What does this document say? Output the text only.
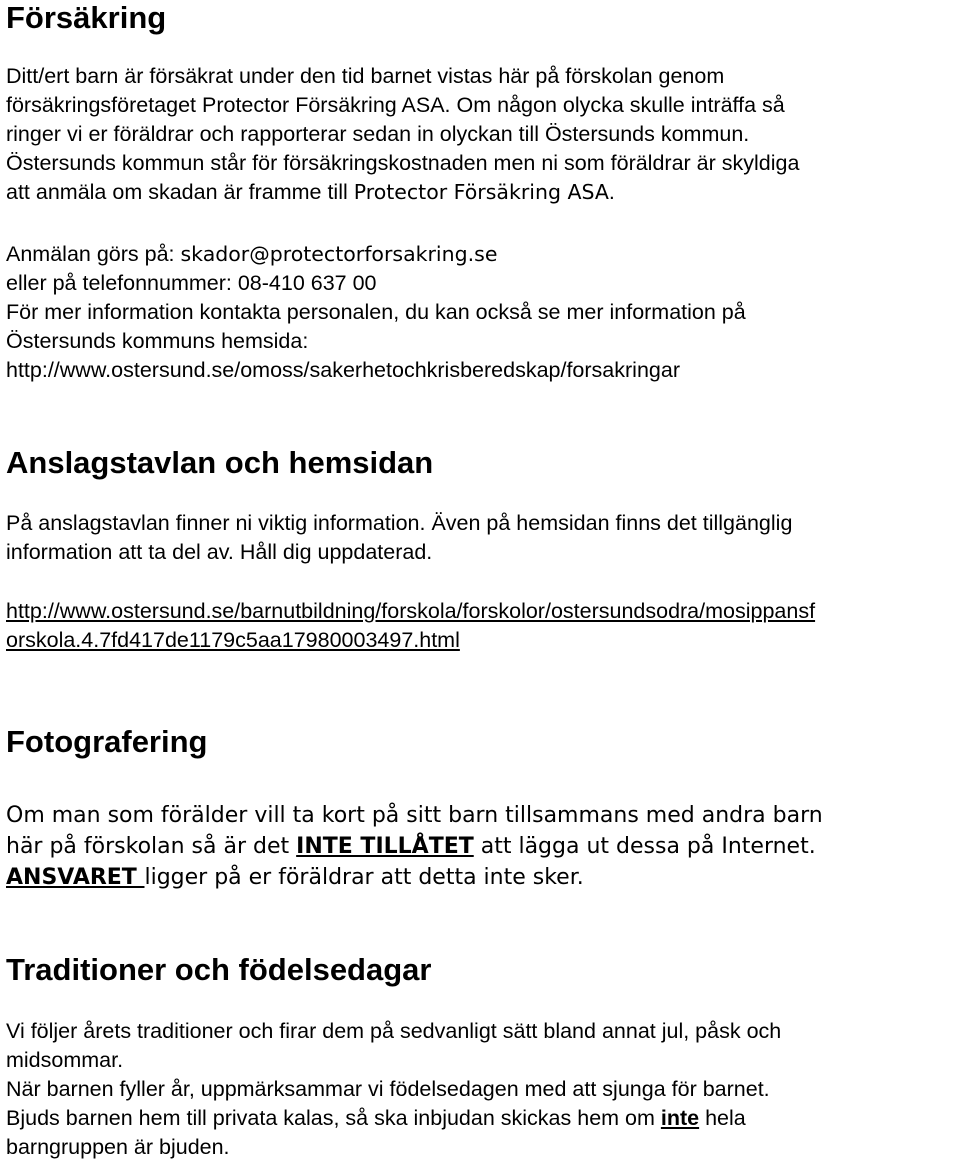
Försäkring
Ditt/ert barn är försäkrat under den tid barnet vistas här på förskolan genom
försäkringsföretaget Protector Försäkring ASA. Om någon olycka skulle inträffa så
ringer vi er föräldrar och rapporterar sedan in olyckan till Östersunds kommun.
Östersunds kommun står för försäkringskostnaden men ni som föräldrar är skyldiga
att anmäla om skadan är framme till Protector Försäkring ASA.
Anmälan görs på: skador@protectorforsakring.se
eller på telefonnummer: 08-410 637 00
För mer information kontakta personalen, du kan också se mer information på
Östersunds kommuns hemsida:
http://www.ostersund.se/omoss/sakerhetochkrisberedskap/forsakringar
Anslagstavlan och hemsidan
På anslagstavlan finner ni viktig information. Även på hemsidan finns det tillgänglig
information att ta del av. Håll dig uppdaterad.
http://www.ostersund.se/barnutbildning/forskola/forskolor/ostersundsodra/mosippansf
orskola.4.7fd417de1179c5aa17980003497.html
Fotografering
Om man som förälder vill ta kort på sitt barn tillsammans med andra barn
här på förskolan så är det INTE TILLÅTET att lägga ut dessa på Internet.
ANSVARET ligger på er föräldrar att detta inte sker.
Traditioner och födelsedagar
Vi följer årets traditioner och firar dem på sedvanligt sätt bland annat jul, påsk och
midsommar.
När barnen fyller år, uppmärksammar vi födelsedagen med att sjunga för barnet.
Bjuds barnen hem till privata kalas, så ska inbjudan skickas hem om inte hela
barngruppen är bjuden.
